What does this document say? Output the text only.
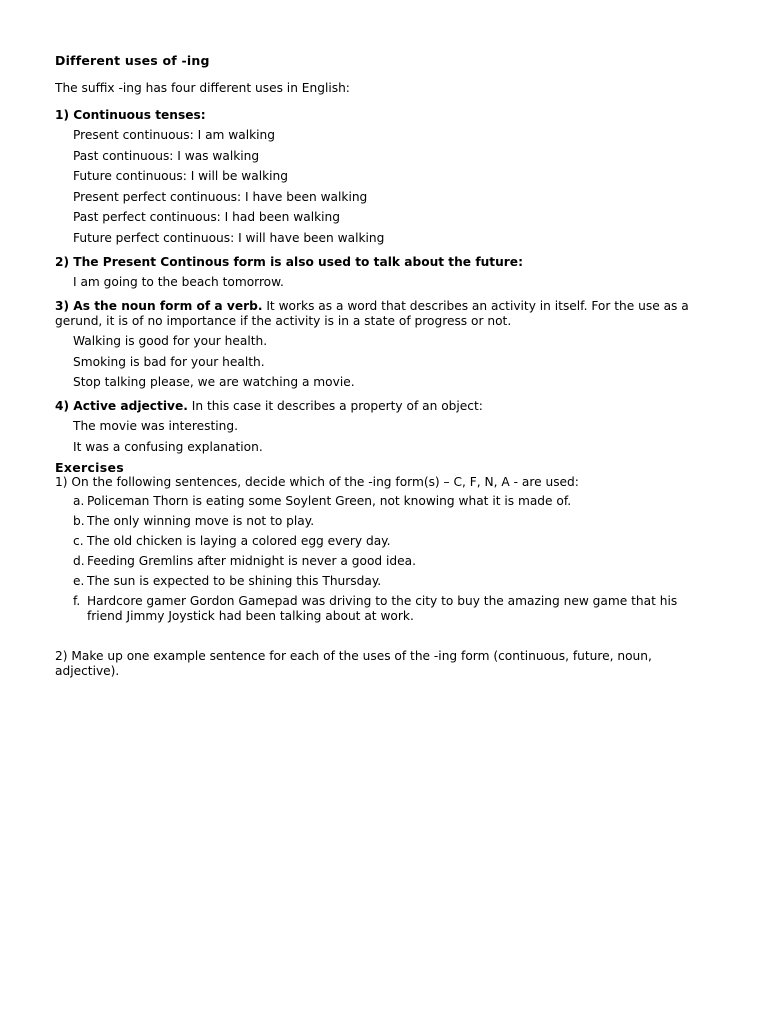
Different uses of -ing
The suffix -ing has four different uses in English:
1) Continuous tenses:
Present continuous: I am walking
Past continuous: I was walking
Future continuous: I will be walking
Present perfect continuous: I have been walking
Past perfect continuous: I had been walking
Future perfect continuous: I will have been walking
2) The Present Continous form is also used to talk about the future:
I am going to the beach tomorrow.
3) As the noun form of a verb. It works as a word that describes an activity in itself. For the use as a gerund, it is of no importance if the activity is in a state of progress or not.
Walking is good for your health.
Smoking is bad for your health.
Stop talking please, we are watching a movie.
4) Active adjective. In this case it describes a property of an object:
The movie was interesting.
It was a confusing explanation.
Exercises
1) On the following sentences, decide which of the -ing form(s) – C, F, N, A - are used:
a. Policeman Thorn is eating some Soylent Green, not knowing what it is made of.
b. The only winning move is not to play.
c. The old chicken is laying a colored egg every day.
d. Feeding Gremlins after midnight is never a good idea.
e. The sun is expected to be shining this Thursday.
f. Hardcore gamer Gordon Gamepad was driving to the city to buy the amazing new game that his friend Jimmy Joystick had been talking about at work.
2) Make up one example sentence for each of the uses of the -ing form (continuous, future, noun, adjective).
